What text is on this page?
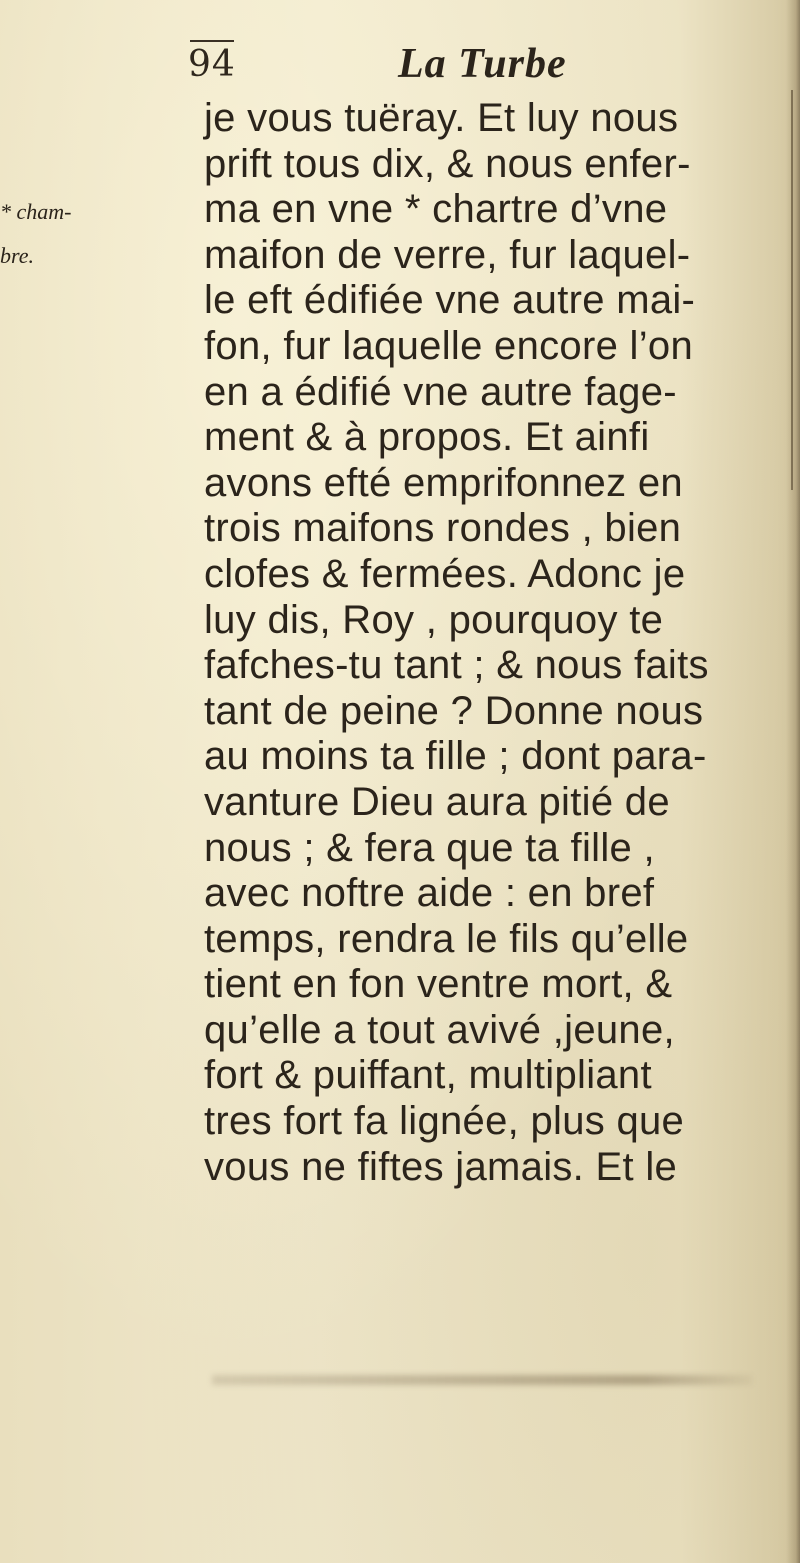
94	La Turbe
* cham-
bre.
je vous tuëray. Et luy nous
prift tous dix, & nous enfer-
ma en vne * chartre d’vne
maifon de verre, fur laquel-
le eft édifiée vne autre mai-
fon, fur laquelle encore l’on
en a édifié vne autre fage-
ment & à propos. Et ainfi
avons efté emprifonnez en
trois maifons rondes , bien
clofes & fermées. Adonc je
luy dis, Roy , pourquoy te
fafches-tu tant ; & nous faits
tant de peine ? Donne nous
au moins ta fille ; dont para-
vanture Dieu aura pitié de
nous ; & fera que ta fille ,
avec noftre aide : en bref
temps, rendra le fils qu’elle
tient en fon ventre mort, &
qu’elle a tout avivé ,jeune,
fort & puiffant, multipliant
tres fort fa lignée, plus que
vous ne fiftes jamais. Et le
